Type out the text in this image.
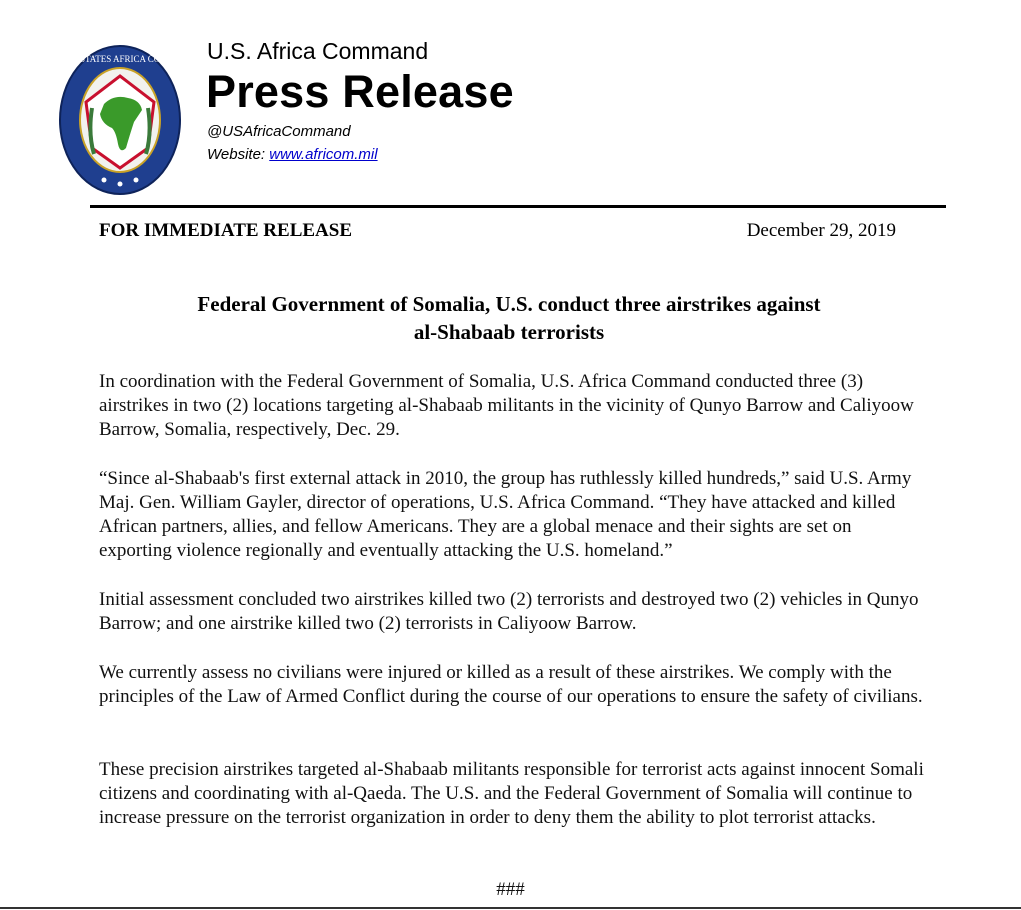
UNITED STATES AFRICA COMMAND U.S. Africa Command
Press Release
@USAfricaCommand
Website: www.africom.mil
FOR IMMEDIATE RELEASE	December 29, 2019
Federal Government of Somalia, U.S. conduct three airstrikes against
al-Shabaab terrorists

In coordination with the Federal Government of Somalia, U.S. Africa Command conducted three (3) airstrikes in two (2) locations targeting al-Shabaab militants in the vicinity of Qunyo Barrow and Caliyoow Barrow, Somalia, respectively, Dec. 29.

“Since al-Shabaab's first external attack in 2010, the group has ruthlessly killed hundreds,” said U.S. Army Maj. Gen. William Gayler, director of operations, U.S. Africa Command. “They have attacked and killed African partners, allies, and fellow Americans. They are a global menace and their sights are set on exporting violence regionally and eventually attacking the U.S. homeland.”

Initial assessment concluded two airstrikes killed two (2) terrorists and destroyed two (2) vehicles in Qunyo Barrow; and one airstrike killed two (2) terrorists in Caliyoow Barrow.

We currently assess no civilians were injured or killed as a result of these airstrikes. We comply with the principles of the Law of Armed Conflict during the course of our operations to ensure the safety of civilians.

These precision airstrikes targeted al-Shabaab militants responsible for terrorist acts against innocent Somali citizens and coordinating with al-Qaeda. The U.S. and the Federal Government of Somalia will continue to increase pressure on the terrorist organization in order to deny them the ability to plot terrorist attacks.

###
